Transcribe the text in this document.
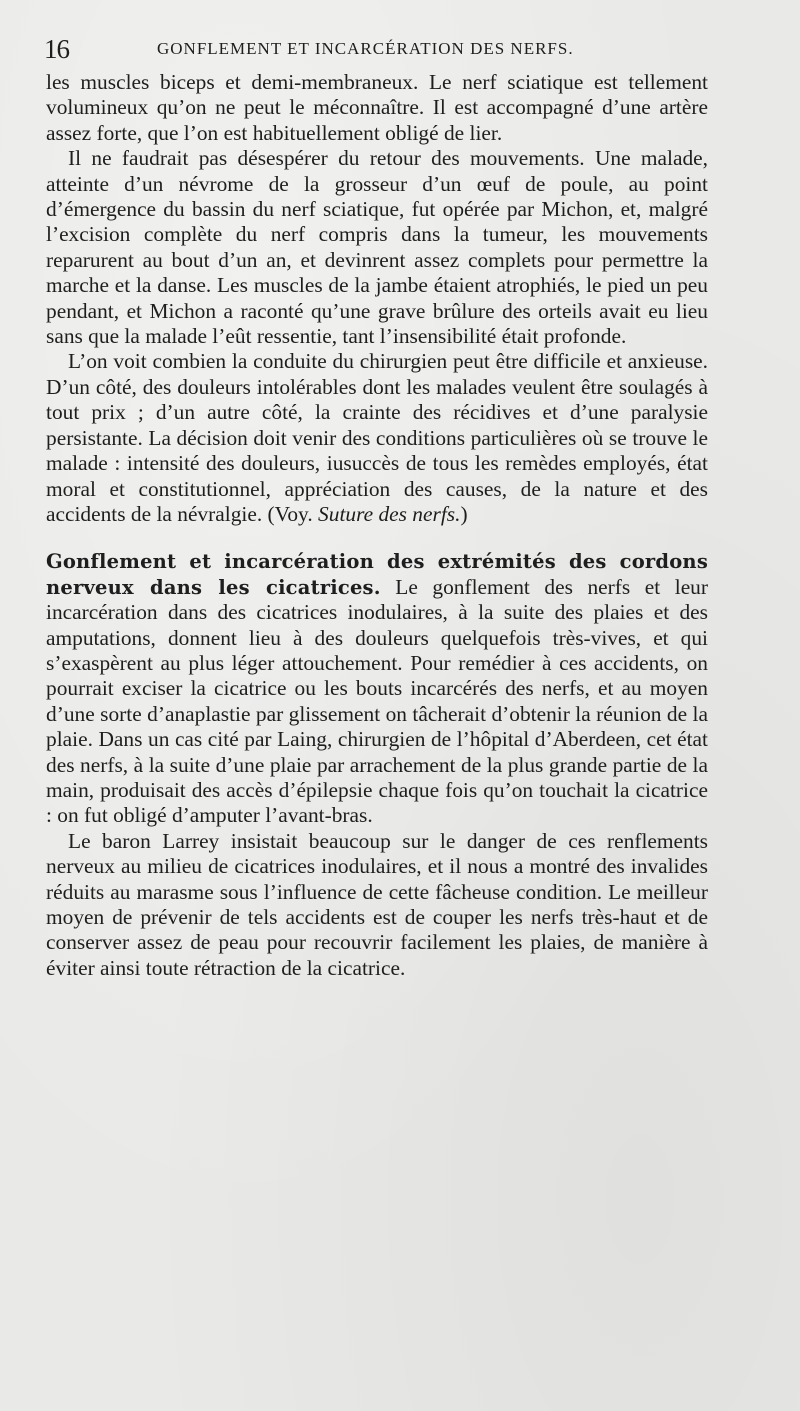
16	GONFLEMENT ET INCARCÉRATION DES NERFS.

les muscles biceps et demi-membraneux. Le nerf sciatique est tellement volumineux qu’on ne peut le méconnaître. Il est accompagné d’une artère assez forte, que l’on est habituellement obligé de lier.

Il ne faudrait pas désespérer du retour des mouvements. Une malade, atteinte d’un névrome de la grosseur d’un œuf de poule, au point d’émergence du bassin du nerf sciatique, fut opérée par Michon, et, malgré l’excision complète du nerf compris dans la tumeur, les mouvements reparurent au bout d’un an, et devinrent assez complets pour permettre la marche et la danse. Les muscles de la jambe étaient atrophiés, le pied un peu pendant, et Michon a raconté qu’une grave brûlure des orteils avait eu lieu sans que la malade l’eût ressentie, tant l’insensibilité était profonde.

L’on voit combien la conduite du chirurgien peut être difficile et anxieuse. D’un côté, des douleurs intolérables dont les malades veulent être soulagés à tout prix ; d’un autre côté, la crainte des récidives et d’une paralysie persistante. La décision doit venir des conditions particulières où se trouve le malade : intensité des douleurs, iusuccès de tous les remèdes employés, état moral et constitutionnel, appréciation des causes, de la nature et des accidents de la névralgie. (Voy. Suture des nerfs.)

Gonflement et incarcération des extrémités des cordons nerveux dans les cicatrices. Le gonflement des nerfs et leur incarcération dans des cicatrices inodulaires, à la suite des plaies et des amputations, donnent lieu à des douleurs quelquefois très-vives, et qui s’exaspèrent au plus léger attouchement. Pour remédier à ces accidents, on pourrait exciser la cicatrice ou les bouts incarcérés des nerfs, et au moyen d’une sorte d’anaplastie par glissement on tâcherait d’obtenir la réunion de la plaie. Dans un cas cité par Laing, chirurgien de l’hôpital d’Aberdeen, cet état des nerfs, à la suite d’une plaie par arrachement de la plus grande partie de la main, produisait des accès d’épilepsie chaque fois qu’on touchait la cicatrice : on fut obligé d’amputer l’avant-bras.

Le baron Larrey insistait beaucoup sur le danger de ces renflements nerveux au milieu de cicatrices inodulaires, et il nous a montré des invalides réduits au marasme sous l’influence de cette fâcheuse condition. Le meilleur moyen de prévenir de tels accidents est de couper les nerfs très-haut et de conserver assez de peau pour recouvrir facilement les plaies, de manière à éviter ainsi toute rétraction de la cicatrice.
